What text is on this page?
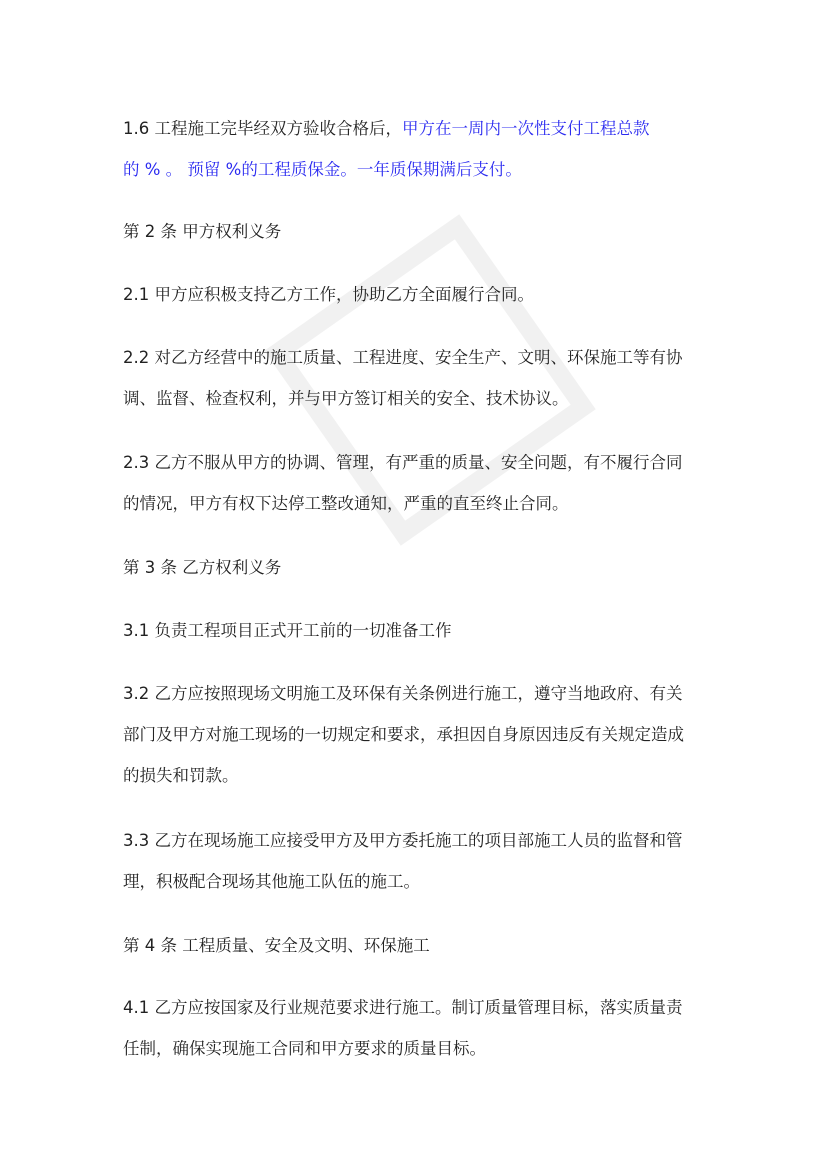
1.6 工程施工完毕经双方验收合格后，甲方在一周内一次性支付工程总款
的 % 。 预留 %的工程质保金。一年质保期满后支付。
第 2 条 甲方权利义务
2.1 甲方应积极支持乙方工作，协助乙方全面履行合同。
2.2 对乙方经营中的施工质量、工程进度、安全生产、文明、环保施工等有协
调、监督、检查权利，并与甲方签订相关的安全、技术协议。
2.3 乙方不服从甲方的协调、管理，有严重的质量、安全问题，有不履行合同
的情况，甲方有权下达停工整改通知，严重的直至终止合同。
第 3 条 乙方权利义务
3.1 负责工程项目正式开工前的一切准备工作
3.2 乙方应按照现场文明施工及环保有关条例进行施工，遵守当地政府、有关
部门及甲方对施工现场的一切规定和要求，承担因自身原因违反有关规定造成
的损失和罚款。
3.3 乙方在现场施工应接受甲方及甲方委托施工的项目部施工人员的监督和管
理，积极配合现场其他施工队伍的施工。
第 4 条 工程质量、安全及文明、环保施工
4.1 乙方应按国家及行业规范要求进行施工。制订质量管理目标，落实质量责
任制，确保实现施工合同和甲方要求的质量目标。
